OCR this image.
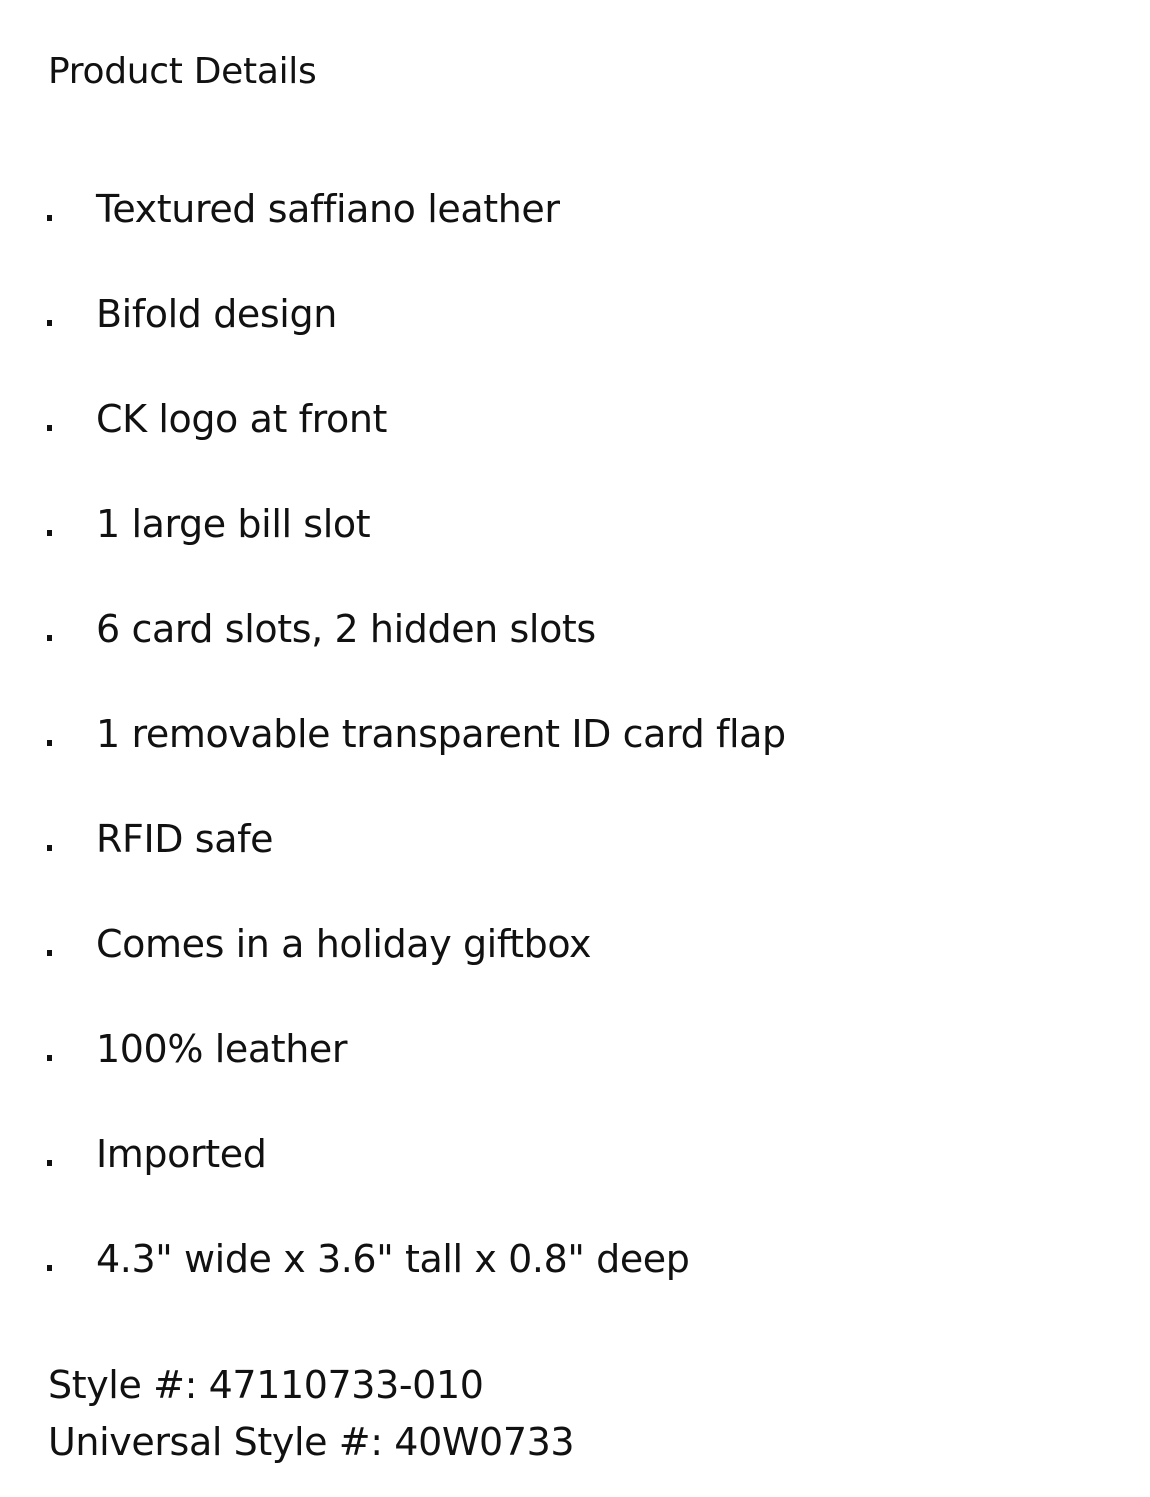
Product Details
Textured saffiano leather
Bifold design
CK logo at front
1 large bill slot
6 card slots, 2 hidden slots
1 removable transparent ID card flap
RFID safe
Comes in a holiday giftbox
100% leather
Imported
4.3" wide x 3.6" tall x 0.8" deep
Style #: 47110733-010
Universal Style #: 40W0733
